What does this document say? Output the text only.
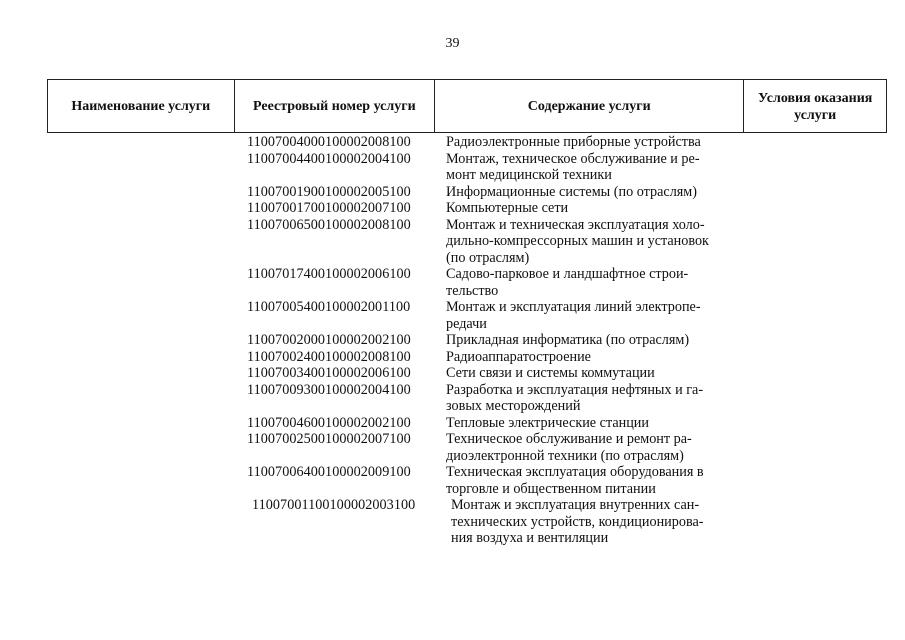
39
Наименование услуги	Реестровый номер услуги	Содержание услуги	Условия оказания услуги
11007004000100002008100	Радиоэлектронные приборные устройства
11007004400100002004100	Монтаж, техническое обслуживание и ре-
монт медицинской техники
11007001900100002005100	Информационные системы (по отраслям)
11007001700100002007100	Компьютерные сети
11007006500100002008100	Монтаж и техническая эксплуатация холо-
дильно-компрессорных машин и установок
(по отраслям)
11007017400100002006100	Садово-парковое и ландшафтное строи-
тельство
11007005400100002001100	Монтаж и эксплуатация линий электропе-
редачи
11007002000100002002100	Прикладная информатика (по отраслям)
11007002400100002008100	Радиоаппаратостроение
11007003400100002006100	Сети связи и системы коммутации
11007009300100002004100	Разработка и эксплуатация нефтяных и га-
зовых месторождений
11007004600100002002100	Тепловые электрические станции
11007002500100002007100	Техническое обслуживание и ремонт ра-
диоэлектронной техники (по отраслям)
11007006400100002009100	Техническая эксплуатация оборудования в
торговле и общественном питании
11007001100100002003100	Монтаж и эксплуатация внутренних сан-
технических устройств, кондиционирова-
ния воздуха и вентиляции
